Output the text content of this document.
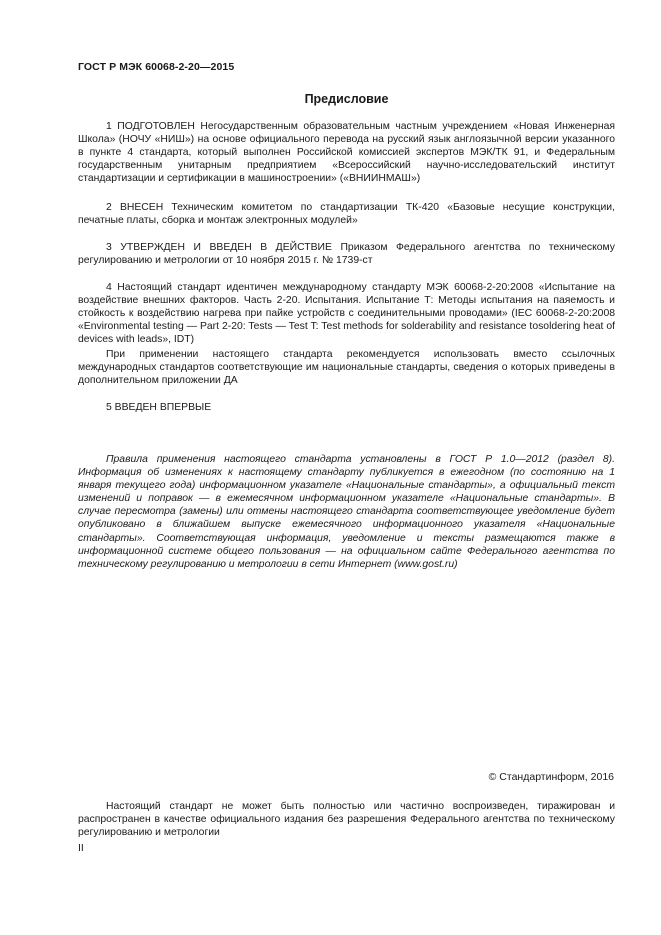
ГОСТ Р МЭК 60068-2-20—2015
Предисловие

1 ПОДГОТОВЛЕН Негосударственным образовательным частным учреждением «Новая Инженерная Школа» (НОЧУ «НИШ») на основе официального перевода на русский язык англоязычной версии указанного в пункте 4 стандарта, который выполнен Российской комиссией экспертов МЭК/ТК 91, и Федеральным государственным унитарным предприятием «Всероссийский научно-исследовательский институт стандартизации и сертификации в машиностроении» («ВНИИНМАШ»)

2 ВНЕСЕН Техническим комитетом по стандартизации ТК-420 «Базовые несущие конструкции, печатные платы, сборка и монтаж электронных модулей»

3 УТВЕРЖДЕН И ВВЕДЕН В ДЕЙСТВИЕ Приказом Федерального агентства по техническому регулированию и метрологии от 10 ноября 2015 г. № 1739-ст

4 Настоящий стандарт идентичен международному стандарту МЭК 60068-2-20:2008 «Испытание на воздействие внешних факторов. Часть 2-20. Испытания. Испытание Т: Методы испытания на паяемость и стойкость к воздействию нагрева при пайке устройств с соединительными проводами» (IEC 60068-2-20:2008 «Environmental testing — Part 2-20: Tests — Test T: Test methods for solderability and resistance tosoldering heat of devices with leads», IDT)

При применении настоящего стандарта рекомендуется использовать вместо ссылочных международных стандартов соответствующие им национальные стандарты, сведения о которых приведены в дополнительном приложении ДА

5 ВВЕДЕН ВПЕРВЫЕ

Правила применения настоящего стандарта установлены в ГОСТ Р 1.0—2012 (раздел 8). Информация об изменениях к настоящему стандарту публикуется в ежегодном (по состоянию на 1 января текущего года) информационном указателе «Национальные стандарты», а официальный текст изменений и поправок — в ежемесячном информационном указателе «Национальные стандарты». В случае пересмотра (замены) или отмены настоящего стандарта соответствующее уведомление будет опубликовано в ближайшем выпуске ежемесячного информационного указателя «Национальные стандарты». Соответствующая информация, уведомление и тексты размещаются также в информационной системе общего пользования — на официальном сайте Федерального агентства по техническому регулированию и метрологии в сети Интернет (www.gost.ru)

© Стандартинформ, 2016

Настоящий стандарт не может быть полностью или частично воспроизведен, тиражирован и распространен в качестве официального издания без разрешения Федерального агентства по техническому регулированию и метрологии

II
